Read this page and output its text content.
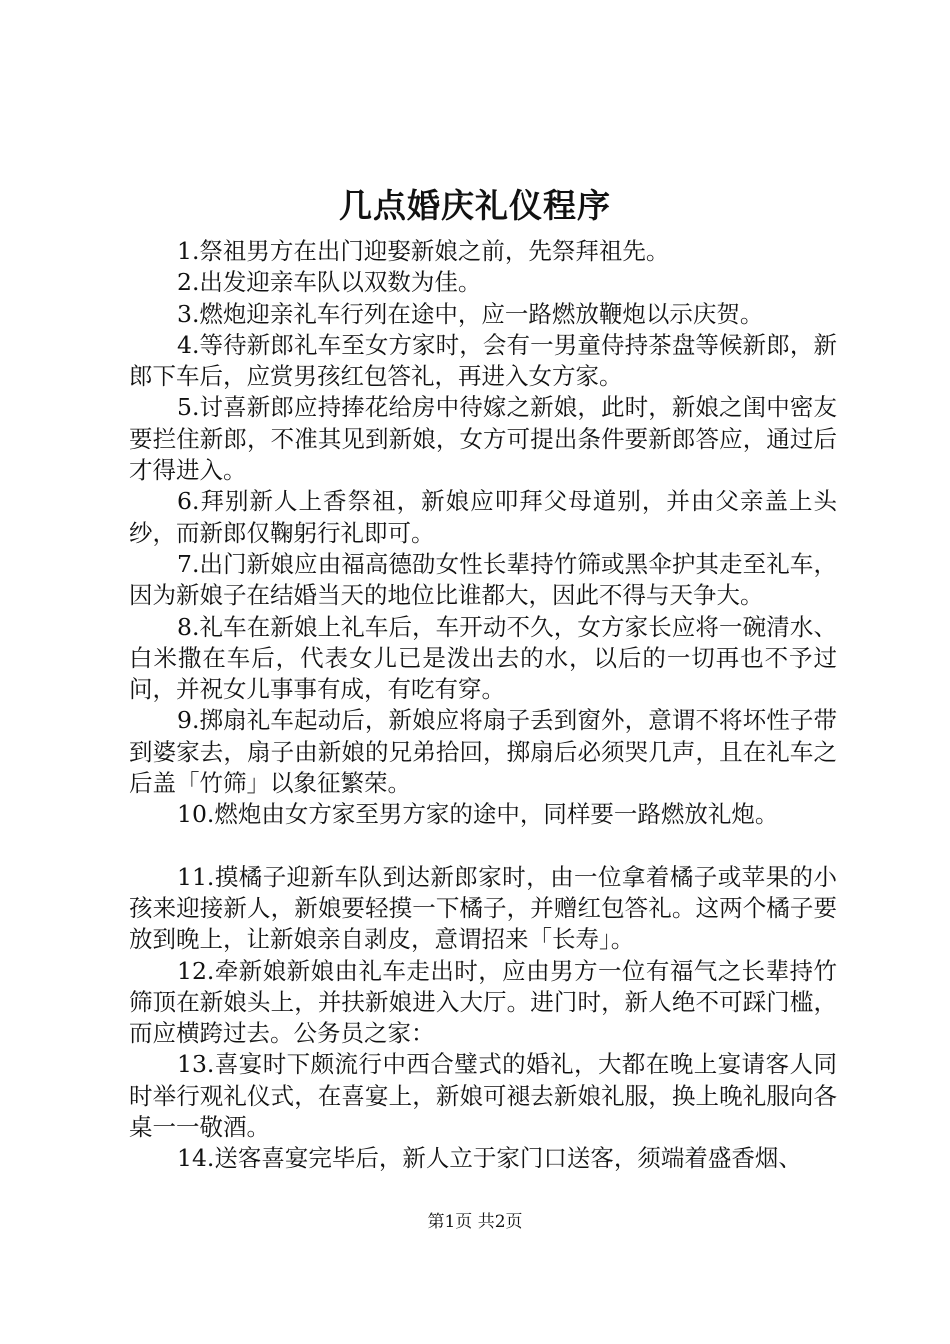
几点婚庆礼仪程序

1.祭祖男方在出门迎娶新娘之前，先祭拜祖先。

2.出发迎亲车队以双数为佳。

3.燃炮迎亲礼车行列在途中，应一路燃放鞭炮以示庆贺。

4.等待新郎礼车至女方家时，会有一男童侍持茶盘等候新郎，新郎下车后，应赏男孩红包答礼，再进入女方家。

5.讨喜新郎应持捧花给房中待嫁之新娘，此时，新娘之闺中密友要拦住新郎，不准其见到新娘，女方可提出条件要新郎答应，通过后才得进入。

6.拜别新人上香祭祖，新娘应叩拜父母道别，并由父亲盖上头纱，而新郎仅鞠躬行礼即可。

7.出门新娘应由福高德劭女性长辈持竹筛或黑伞护其走至礼车，因为新娘子在结婚当天的地位比谁都大，因此不得与天争大。

8.礼车在新娘上礼车后，车开动不久，女方家长应将一碗清水、白米撒在车后，代表女儿已是泼出去的水，以后的一切再也不予过问，并祝女儿事事有成，有吃有穿。

9.掷扇礼车起动后，新娘应将扇子丢到窗外，意谓不将坏性子带到婆家去，扇子由新娘的兄弟拾回，掷扇后必须哭几声，且在礼车之后盖「竹筛」以象征繁荣。

10.燃炮由女方家至男方家的途中，同样要一路燃放礼炮。

11.摸橘子迎新车队到达新郎家时，由一位拿着橘子或苹果的小孩来迎接新人，新娘要轻摸一下橘子，并赠红包答礼。这两个橘子要放到晚上，让新娘亲自剥皮，意谓招来「长寿」。

12.牵新娘新娘由礼车走出时，应由男方一位有福气之长辈持竹筛顶在新娘头上，并扶新娘进入大厅。进门时，新人绝不可踩门槛，而应横跨过去。公务员之家：

13.喜宴时下颇流行中西合璧式的婚礼，大都在晚上宴请客人同时举行观礼仪式，在喜宴上，新娘可褪去新娘礼服，换上晚礼服向各桌一一敬酒。

14.送客喜宴完毕后，新人立于家门口送客，须端着盛香烟、

第1页 共2页
